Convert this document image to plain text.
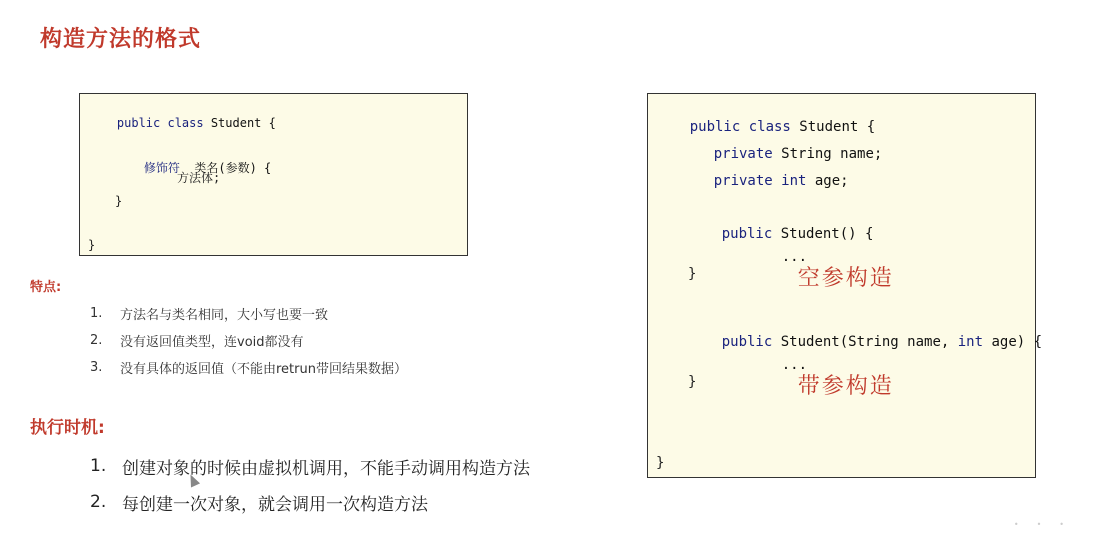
构造方法的格式

public class Student {

修饰符  类名(参数) {

方法体;
}
}
特点:
1.	方法名与类名相同，大小写也要一致
2.	没有返回值类型，连void都没有
3.	没有具体的返回值（不能由retrun带回结果数据）
执行时机:
1. 创建对象的时候由虚拟机调用，不能手动调用构造方法
2. 每创建一次对象，就会调用一次构造方法

public class Student {

private String name;

private int age;

public Student() {

···
空参构造

}

public Student(String name, int age) {

···
带参构造

}
}
•••
